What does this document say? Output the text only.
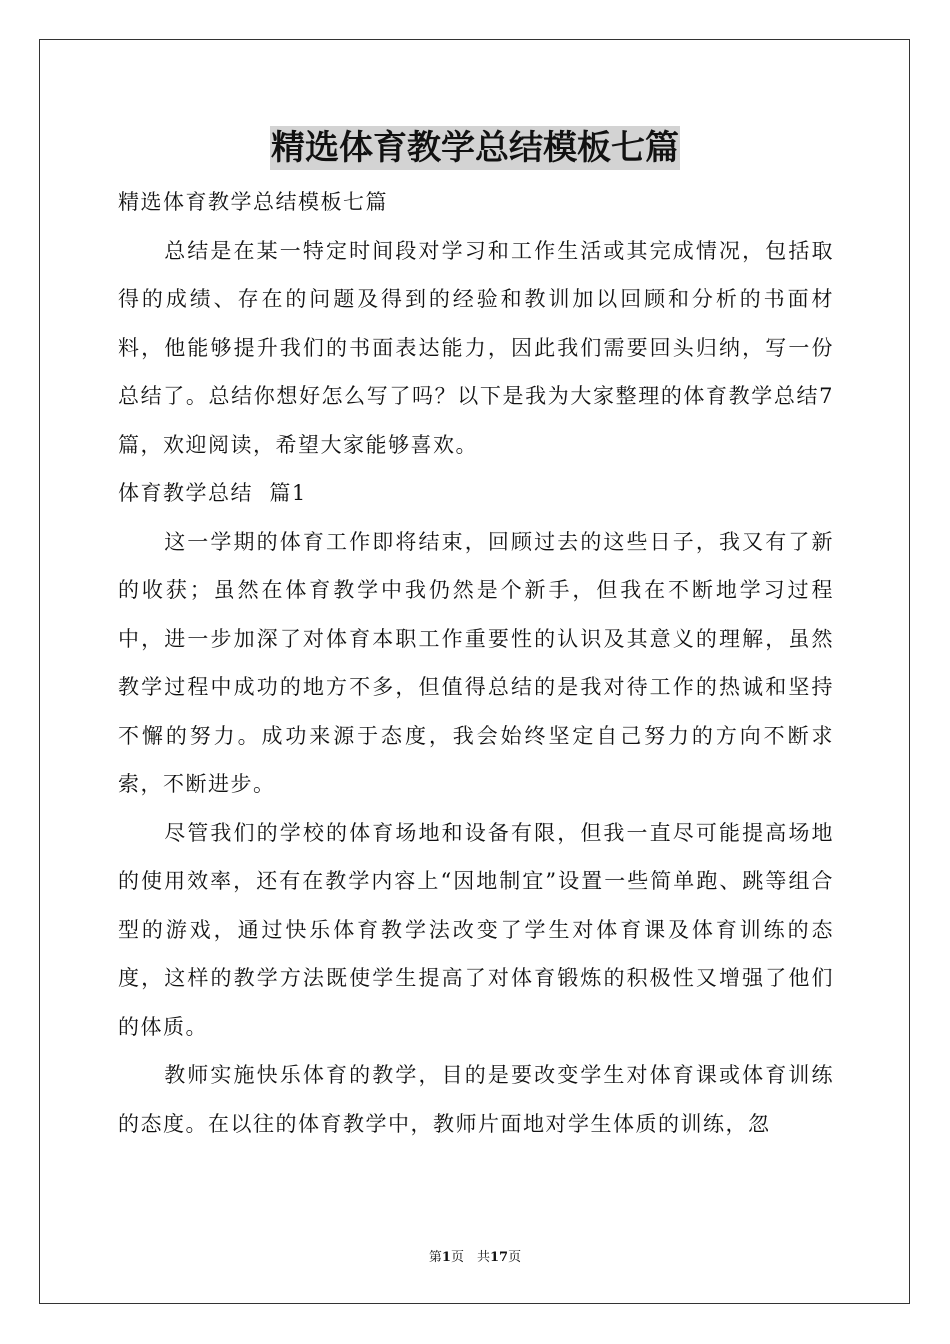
精选体育教学总结模板七篇

精选体育教学总结模板七篇

总结是在某一特定时间段对学习和工作生活或其完成情况，包括取得的成绩、存在的问题及得到的经验和教训加以回顾和分析的书面材料，他能够提升我们的书面表达能力，因此我们需要回头归纳，写一份总结了。总结你想好怎么写了吗？以下是我为大家整理的体育教学总结7篇，欢迎阅读，希望大家能够喜欢。

体育教学总结  篇1

这一学期的体育工作即将结束，回顾过去的这些日子，我又有了新的收获；虽然在体育教学中我仍然是个新手，但我在不断地学习过程中，进一步加深了对体育本职工作重要性的认识及其意义的理解，虽然教学过程中成功的地方不多，但值得总结的是我对待工作的热诚和坚持不懈的努力。成功来源于态度，我会始终坚定自己努力的方向不断求索，不断进步。

尽管我们的学校的体育场地和设备有限，但我一直尽可能提高场地的使用效率，还有在教学内容上“因地制宜”设置一些简单跑、跳等组合型的游戏，通过快乐体育教学法改变了学生对体育课及体育训练的态度，这样的教学方法既使学生提高了对体育锻炼的积极性又增强了他们的体质。

教师实施快乐体育的教学，目的是要改变学生对体育课或体育训练的态度。在以往的体育教学中，教师片面地对学生体质的训练，忽

第1页　共17页
